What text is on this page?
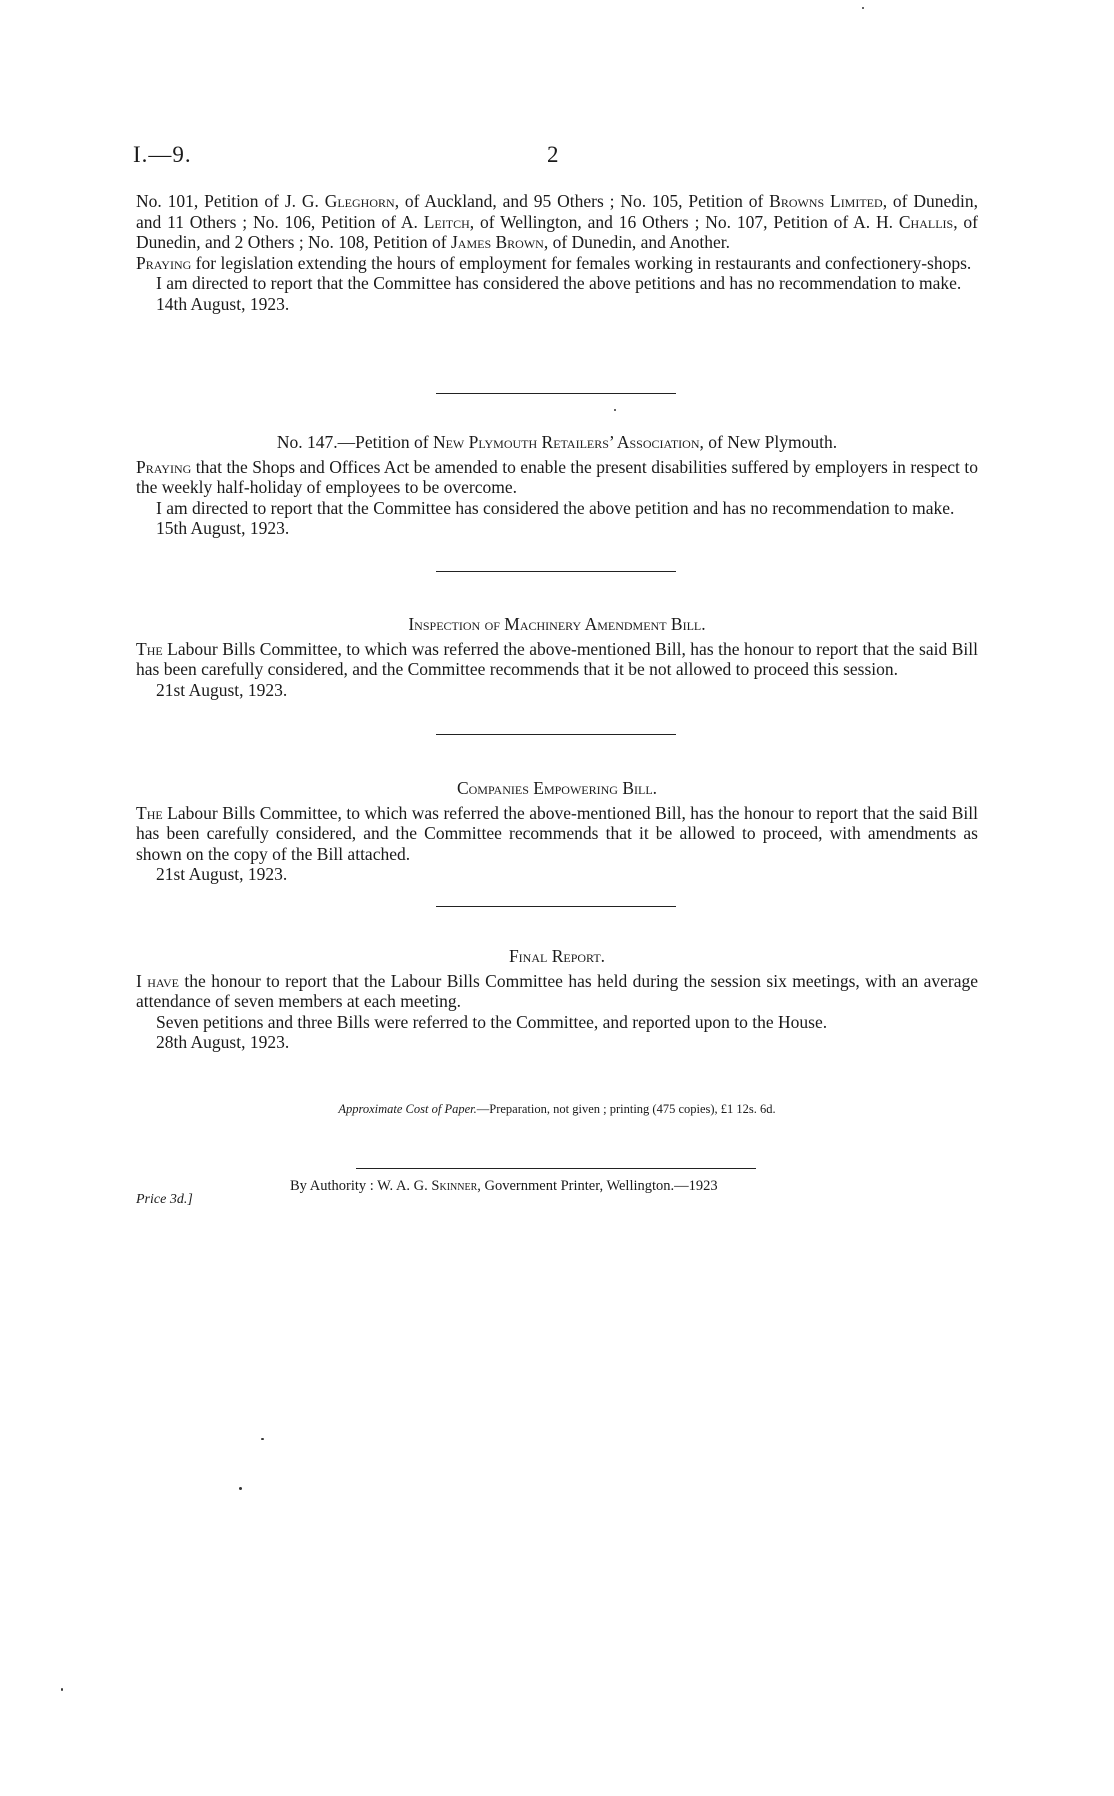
I.—9.	2

No. 101, Petition of J. G. Gleghorn, of Auckland, and 95 Others ; No. 105, Petition of Browns Limited, of Dunedin, and 11 Others ; No. 106, Petition of A. Leitch, of Wellington, and 16 Others ; No. 107, Petition of A. H. Challis, of Dunedin, and 2 Others ; No. 108, Petition of James Brown, of Dunedin, and Another.

Praying for legislation extending the hours of employment for females working in restaurants and confectionery-shops.

I am directed to report that the Committee has considered the above petitions and has no recommendation to make.

14th August, 1923.

No. 147.—Petition of New Plymouth Retailers’ Association, of New Plymouth.

Praying that the Shops and Offices Act be amended to enable the present disabilities suffered by employers in respect to the weekly half-holiday of employees to be overcome.

I am directed to report that the Committee has considered the above petition and has no recommendation to make.

15th August, 1923.

Inspection of Machinery Amendment Bill.

The Labour Bills Committee, to which was referred the above-mentioned Bill, has the honour to report that the said Bill has been carefully considered, and the Committee recommends that it be not allowed to proceed this session.

21st August, 1923.

Companies Empowering Bill.

The Labour Bills Committee, to which was referred the above-mentioned Bill, has the honour to report that the said Bill has been carefully considered, and the Committee recommends that it be allowed to proceed, with amendments as shown on the copy of the Bill attached.

21st August, 1923.

Final Report.

I have the honour to report that the Labour Bills Committee has held during the session six meetings, with an average attendance of seven members at each meeting.

Seven petitions and three Bills were referred to the Committee, and reported upon to the House.

28th August, 1923.

Approximate Cost of Paper.—Preparation, not given ; printing (475 copies), £1 12s. 6d.
By Authority : W. A. G. Skinner, Government Printer, Wellington.—1923
Price 3d.]
